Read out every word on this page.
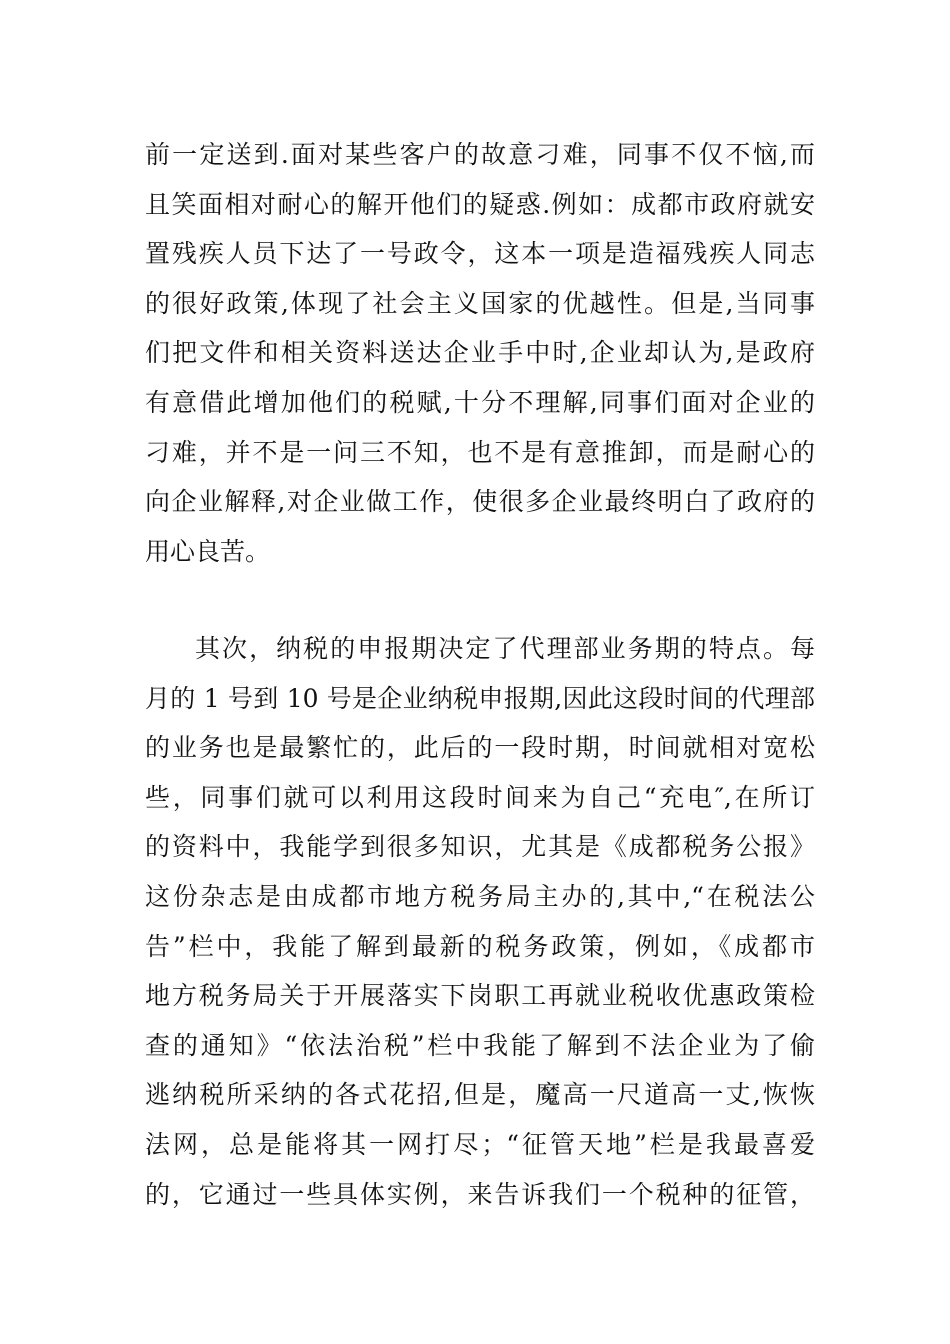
前一定送到.面对某些客户的故意刁难，同事不仅不恼,而
且笑面相对耐心的解开他们的疑惑.例如：成都市政府就安
置残疾人员下达了一号政令，这本一项是造福残疾人同志
的很好政策,体现了社会主义国家的优越性。但是,当同事
们把文件和相关资料送达企业手中时,企业却认为,是政府
有意借此增加他们的税赋,十分不理解,同事们面对企业的
刁难，并不是一问三不知，也不是有意推卸，而是耐心的
向企业解释,对企业做工作，使很多企业最终明白了政府的
用心良苦。
其次，纳税的申报期决定了代理部业务期的特点。每
月的 1 号到 10 号是企业纳税申报期,因此这段时间的代理部
的业务也是最繁忙的，此后的一段时期，时间就相对宽松
些，同事们就可以利用这段时间来为自己“充电″,在所订
的资料中，我能学到很多知识，尤其是《成都税务公报》
这份杂志是由成都市地方税务局主办的,其中,“在税法公
告”栏中，我能了解到最新的税务政策，例如，《成都市
地方税务局关于开展落实下岗职工再就业税收优惠政策检
查的通知》“依法治税”栏中我能了解到不法企业为了偷
逃纳税所采纳的各式花招,但是，魔高一尺道高一丈,恢恢
法网，总是能将其一网打尽；“征管天地”栏是我最喜爱
的，它通过一些具体实例，来告诉我们一个税种的征管，
